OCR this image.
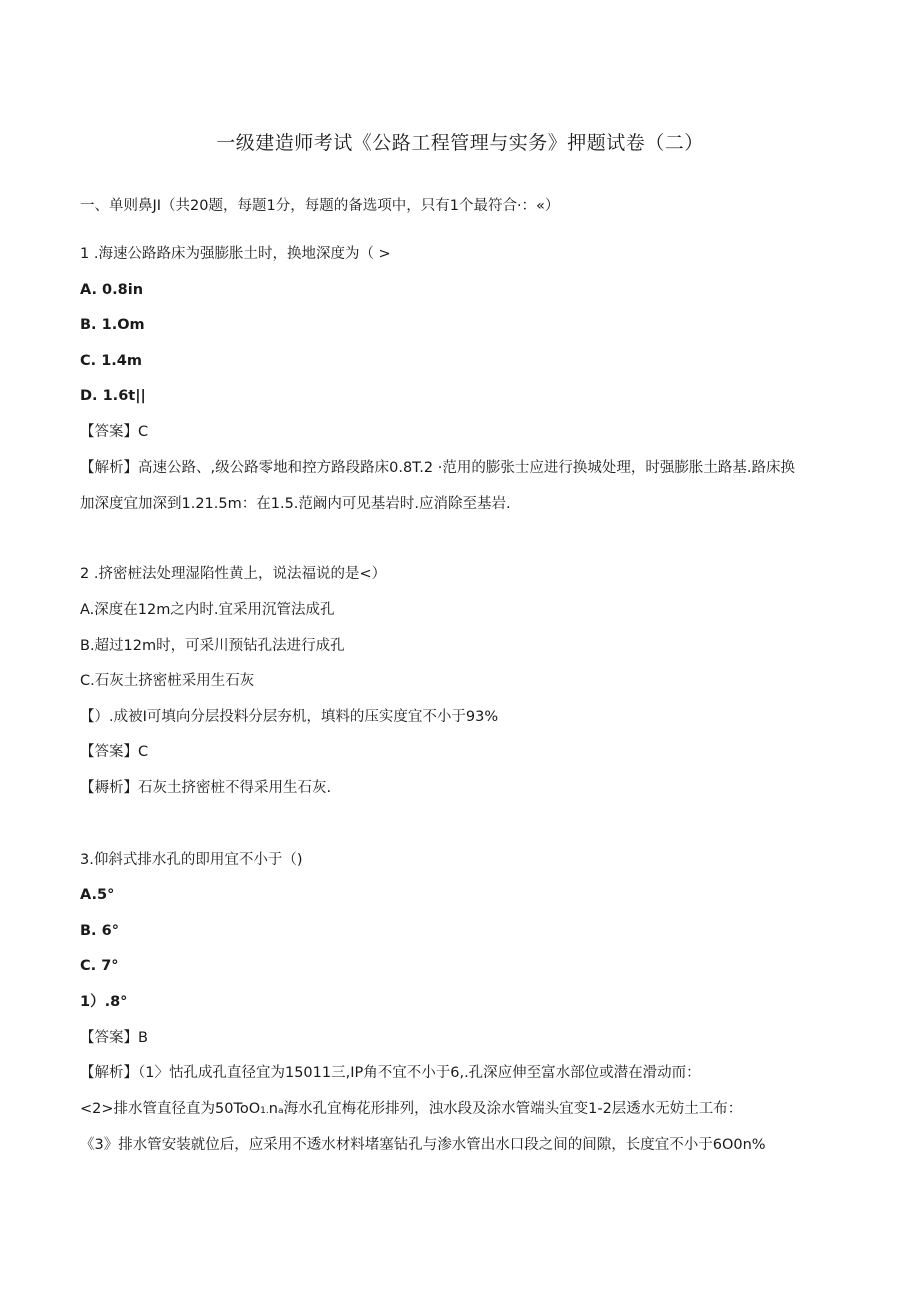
一级建造师考试《公路工程管理与实务》押题试卷（二）
一、单则鼻JI（共20题，每题1分，每题的备选项中，只有1个最符合·：«）
1 .海速公路路床为强膨胀土时，换地深度为（ >
A. 0.8in
B. 1.Om
C. 1.4m
D. 1.6t||
【答案】C
【解析】高速公路、,级公路零地和控方路段路床0.8T.2 ·范用的膨张士应进行换城处理，时强膨胀土路基.路床换
加深度宜加深到1.21.5m：在1.5.范阚内可见基岩时.应消除至基岩.
2 .挤密桩法处理湿陷性黄上，说法福说的是<）
A.深度在12m之内时.宜采用沉管法成孔
B.超过12m时，可采川预钻孔法进行成孔
C.石灰土挤密桩采用生石灰
【）.成被I可填向分层投料分层夯机，填料的压实度宜不小于93%
【答案】C
【耨析】石灰土挤密桩不得采用生石灰.
3.仰斜式排水孔的即用宜不小于（)
A.5°
B. 6°
C. 7°
1）.8°
【答案】B
【解析】（1〉怙孔成孔直径宜为15011三,IP角不宜不小于6,.孔深应伸至富水部位或潜在滑动而：
<2>排水管直径直为50ToO1.nₐ海水孔宜梅花形排列，浊水段及涂水管端头宜变1-2层透水无妨土工布：
《3》排水管安装就位后，应采用不透水材料堵塞钻孔与渗水管出水口段之间的间隙，长度宜不小于6O0n%
